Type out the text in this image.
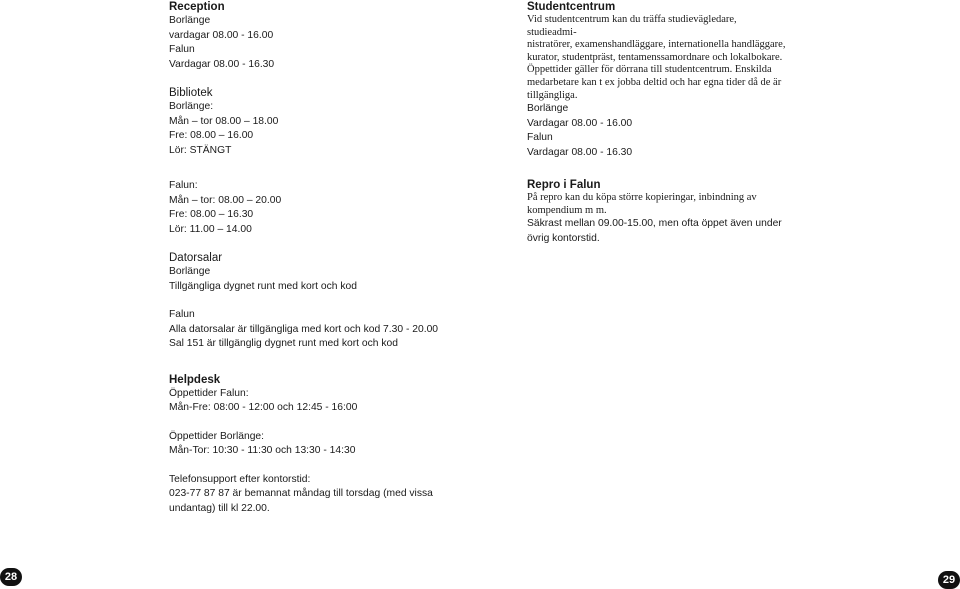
Reception

Borlänge

vardagar 08.00 - 16.00

Falun

Vardagar 08.00 - 16.30

Bibliotek

Borlänge:

Mån – tor 08.00 – 18.00

Fre: 08.00 – 16.00

Lör: STÄNGT

Falun:

Mån – tor: 08.00 – 20.00

Fre: 08.00 – 16.30

Lör: 11.00 – 14.00

Datorsalar

Borlänge

Tillgängliga dygnet runt med kort och kod

Falun

Alla datorsalar är tillgängliga med kort och kod 7.30 - 20.00

Sal 151 är tillgänglig dygnet runt med kort och kod

Helpdesk

Öppettider Falun:

Mån-Fre: 08:00 - 12:00 och 12:45 - 16:00

Öppettider Borlänge:

Mån-Tor: 10:30 - 11:30 och 13:30 - 14:30

Telefonsupport efter kontorstid:

023-77 87 87 är bemannat måndag till torsdag (med vissa

undantag) till kl 22.00.

Studentcentrum

Vid studentcentrum kan du träffa studievägledare, studieadmi-

nistratörer, examenshandläggare, internationella handläggare,

kurator, studentpräst, tentamenssamordnare och lokalbokare.

Öppettider gäller för dörrana till studentcentrum. Enskilda

medarbetare kan t ex jobba deltid och har egna tider då de är

tillgängliga.

Borlänge

Vardagar 08.00 - 16.00

Falun

Vardagar 08.00 - 16.30

Repro i Falun

På repro kan du köpa större kopieringar, inbindning av

kompendium m m.

Säkrast mellan 09.00-15.00, men ofta öppet även under

övrig kontorstid.

28	29
